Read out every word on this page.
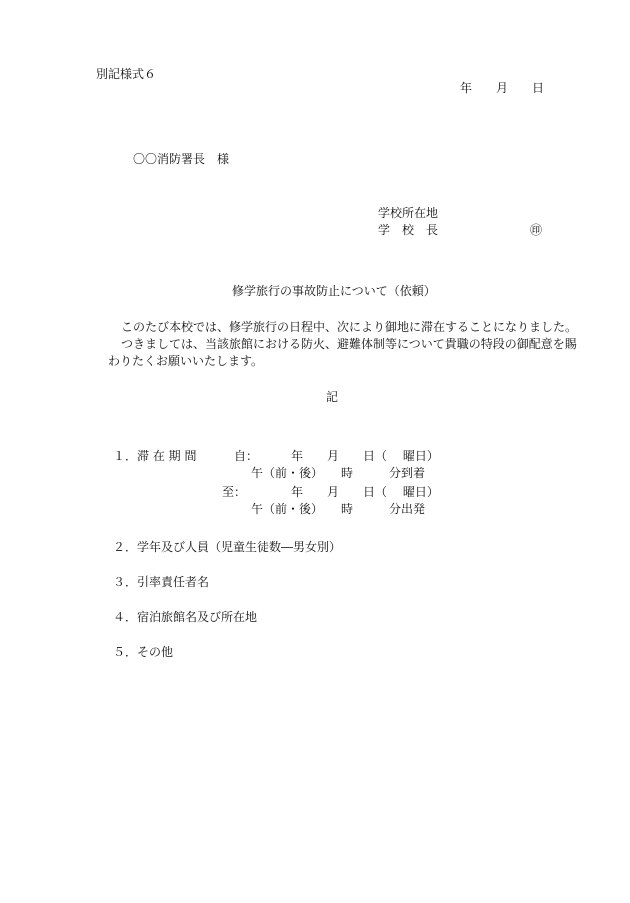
別記様式６
年　　月　　日
〇〇消防署長　様
学校所在地
学　校　長	㊞
修学旅行の事故防止について（依頼）
このたび本校では、修学旅行の日程中、次により御地に滞在することになりました。
つきましては、当該旅館における防火、避難体制等について貴職の特段の御配意を賜
わりたくお願いいたします。
記
１．滞 在 期 間	自：	年　　月　　日（　 曜日）
午（前・後）　　時　　　分到着
至：	年　　月　　日（　 曜日）
午（前・後）　　時　　　分出発
２．学年及び人員（児童生徒数―男女別）
３．引率責任者名
４．宿泊旅館名及び所在地
５．その他
